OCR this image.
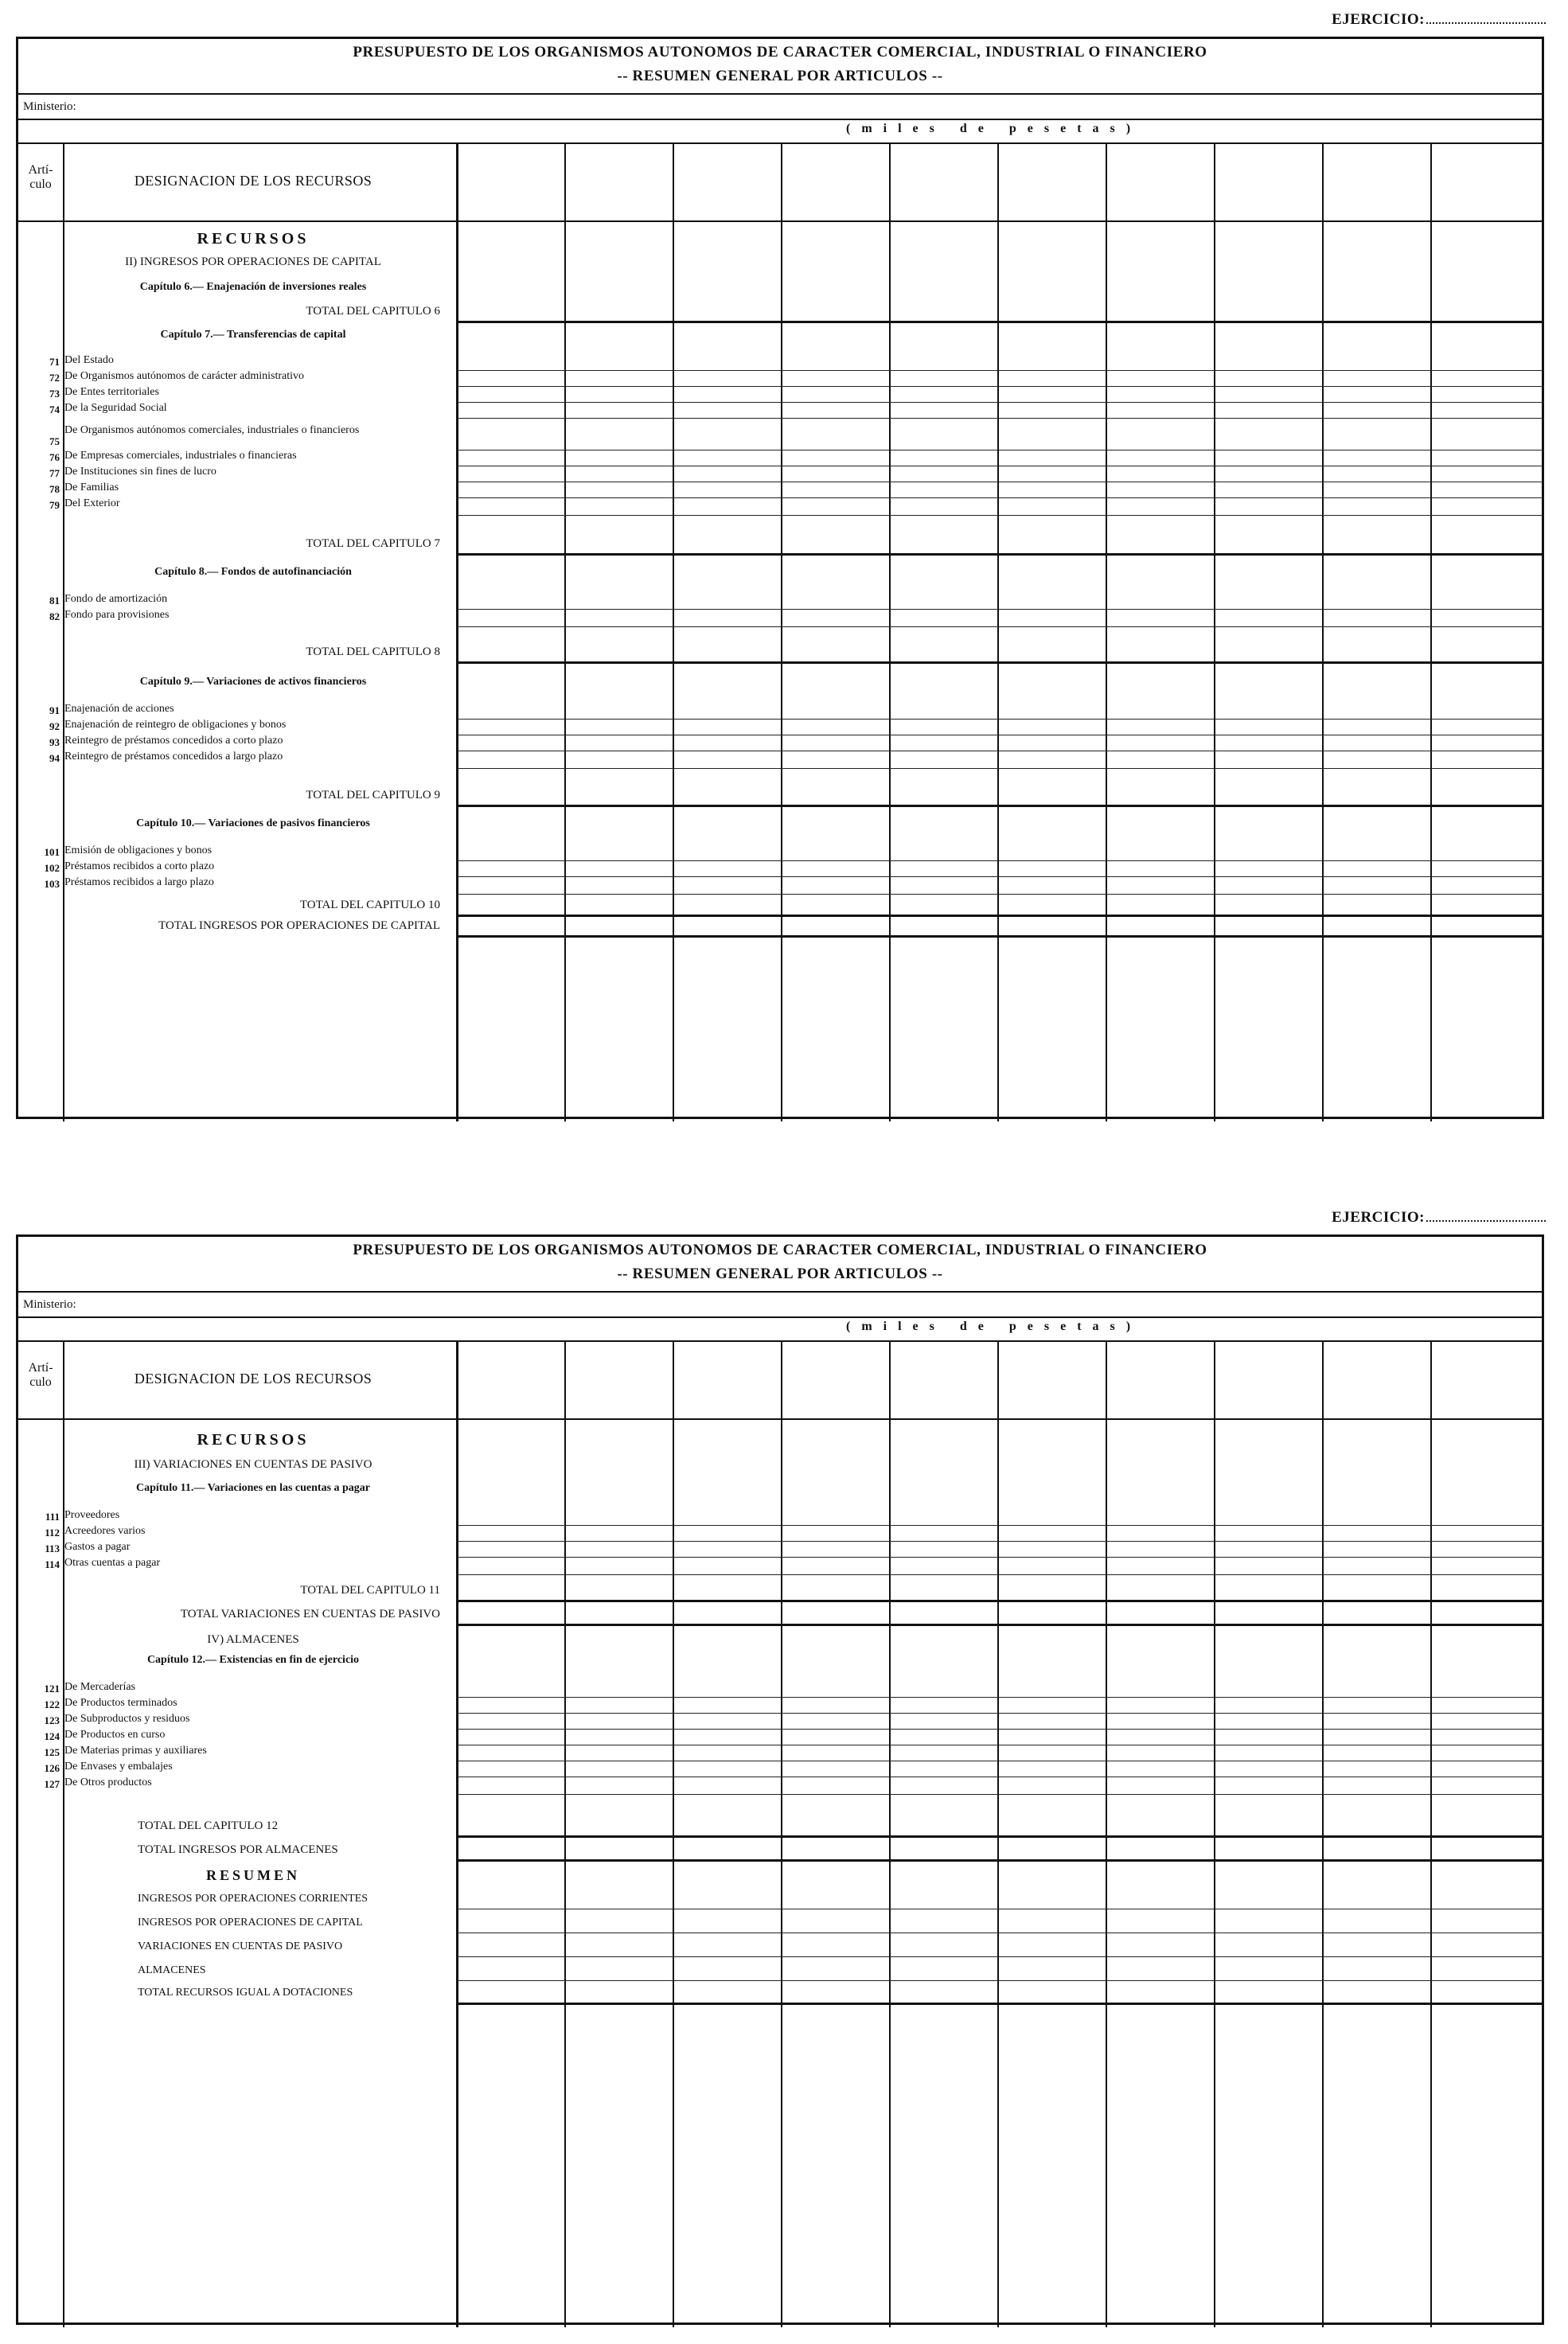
EJERCICIO:
PRESUPUESTO DE LOS ORGANISMOS AUTONOMOS DE CARACTER COMERCIAL, INDUSTRIAL O FINANCIERO
-- RESUMEN GENERAL POR ARTICULOS --
Ministerio:
(miles de pesetas)
Artí-culo	DESIGNACION DE LOS RECURSOS
RECURSOS
II) INGRESOS POR OPERACIONES DE CAPITAL
Capítulo 6.— Enajenación de inversiones reales
TOTAL DEL CAPITULO 6
Capítulo 7.— Transferencias de capital
71 Del Estado
72 De Organismos autónomos de carácter administrativo
73 De Entes territoriales
74 De la Seguridad Social
75
De Organismos autónomos comerciales, industriales o financieros
76 De Empresas comerciales, industriales o financieras
77 De Instituciones sin fines de lucro
78 De Familias
79 Del Exterior
TOTAL DEL CAPITULO 7
Capítulo 8.— Fondos de autofinanciación
81 Fondo de amortización
82 Fondo para provisiones
TOTAL DEL CAPITULO 8
Capítulo 9.— Variaciones de activos financieros
91 Enajenación de acciones
92 Enajenación de reintegro de obligaciones y bonos
93 Reintegro de préstamos concedidos a corto plazo
94 Reintegro de préstamos concedidos a largo plazo
TOTAL DEL CAPITULO 9
Capítulo 10.— Variaciones de pasivos financieros
101 Emisión de obligaciones y bonos
102 Préstamos recibidos a corto plazo
103 Préstamos recibidos a largo plazo
TOTAL DEL CAPITULO 10
TOTAL INGRESOS POR OPERACIONES DE CAPITAL
EJERCICIO:
PRESUPUESTO DE LOS ORGANISMOS AUTONOMOS DE CARACTER COMERCIAL, INDUSTRIAL O FINANCIERO
-- RESUMEN GENERAL POR ARTICULOS --
Ministerio:
(miles de pesetas)
Artí-culo	DESIGNACION DE LOS RECURSOS
RECURSOS
III) VARIACIONES EN CUENTAS DE PASIVO
Capítulo 11.— Variaciones en las cuentas a pagar
111 Proveedores
112 Acreedores varios
113 Gastos a pagar
114 Otras cuentas a pagar
TOTAL DEL CAPITULO 11
TOTAL VARIACIONES EN CUENTAS DE PASIVO
IV) ALMACENES
Capítulo 12.— Existencias en fin de ejercicio
121 De Mercaderías
122 De Productos terminados
123 De Subproductos y residuos
124 De Productos en curso
125 De Materias primas y auxiliares
126 De Envases y embalajes
127 De Otros productos
TOTAL DEL CAPITULO 12
TOTAL INGRESOS POR ALMACENES
RESUMEN
INGRESOS POR OPERACIONES CORRIENTES
INGRESOS POR OPERACIONES DE CAPITAL
VARIACIONES EN CUENTAS DE PASIVO
ALMACENES
TOTAL RECURSOS IGUAL A DOTACIONES
